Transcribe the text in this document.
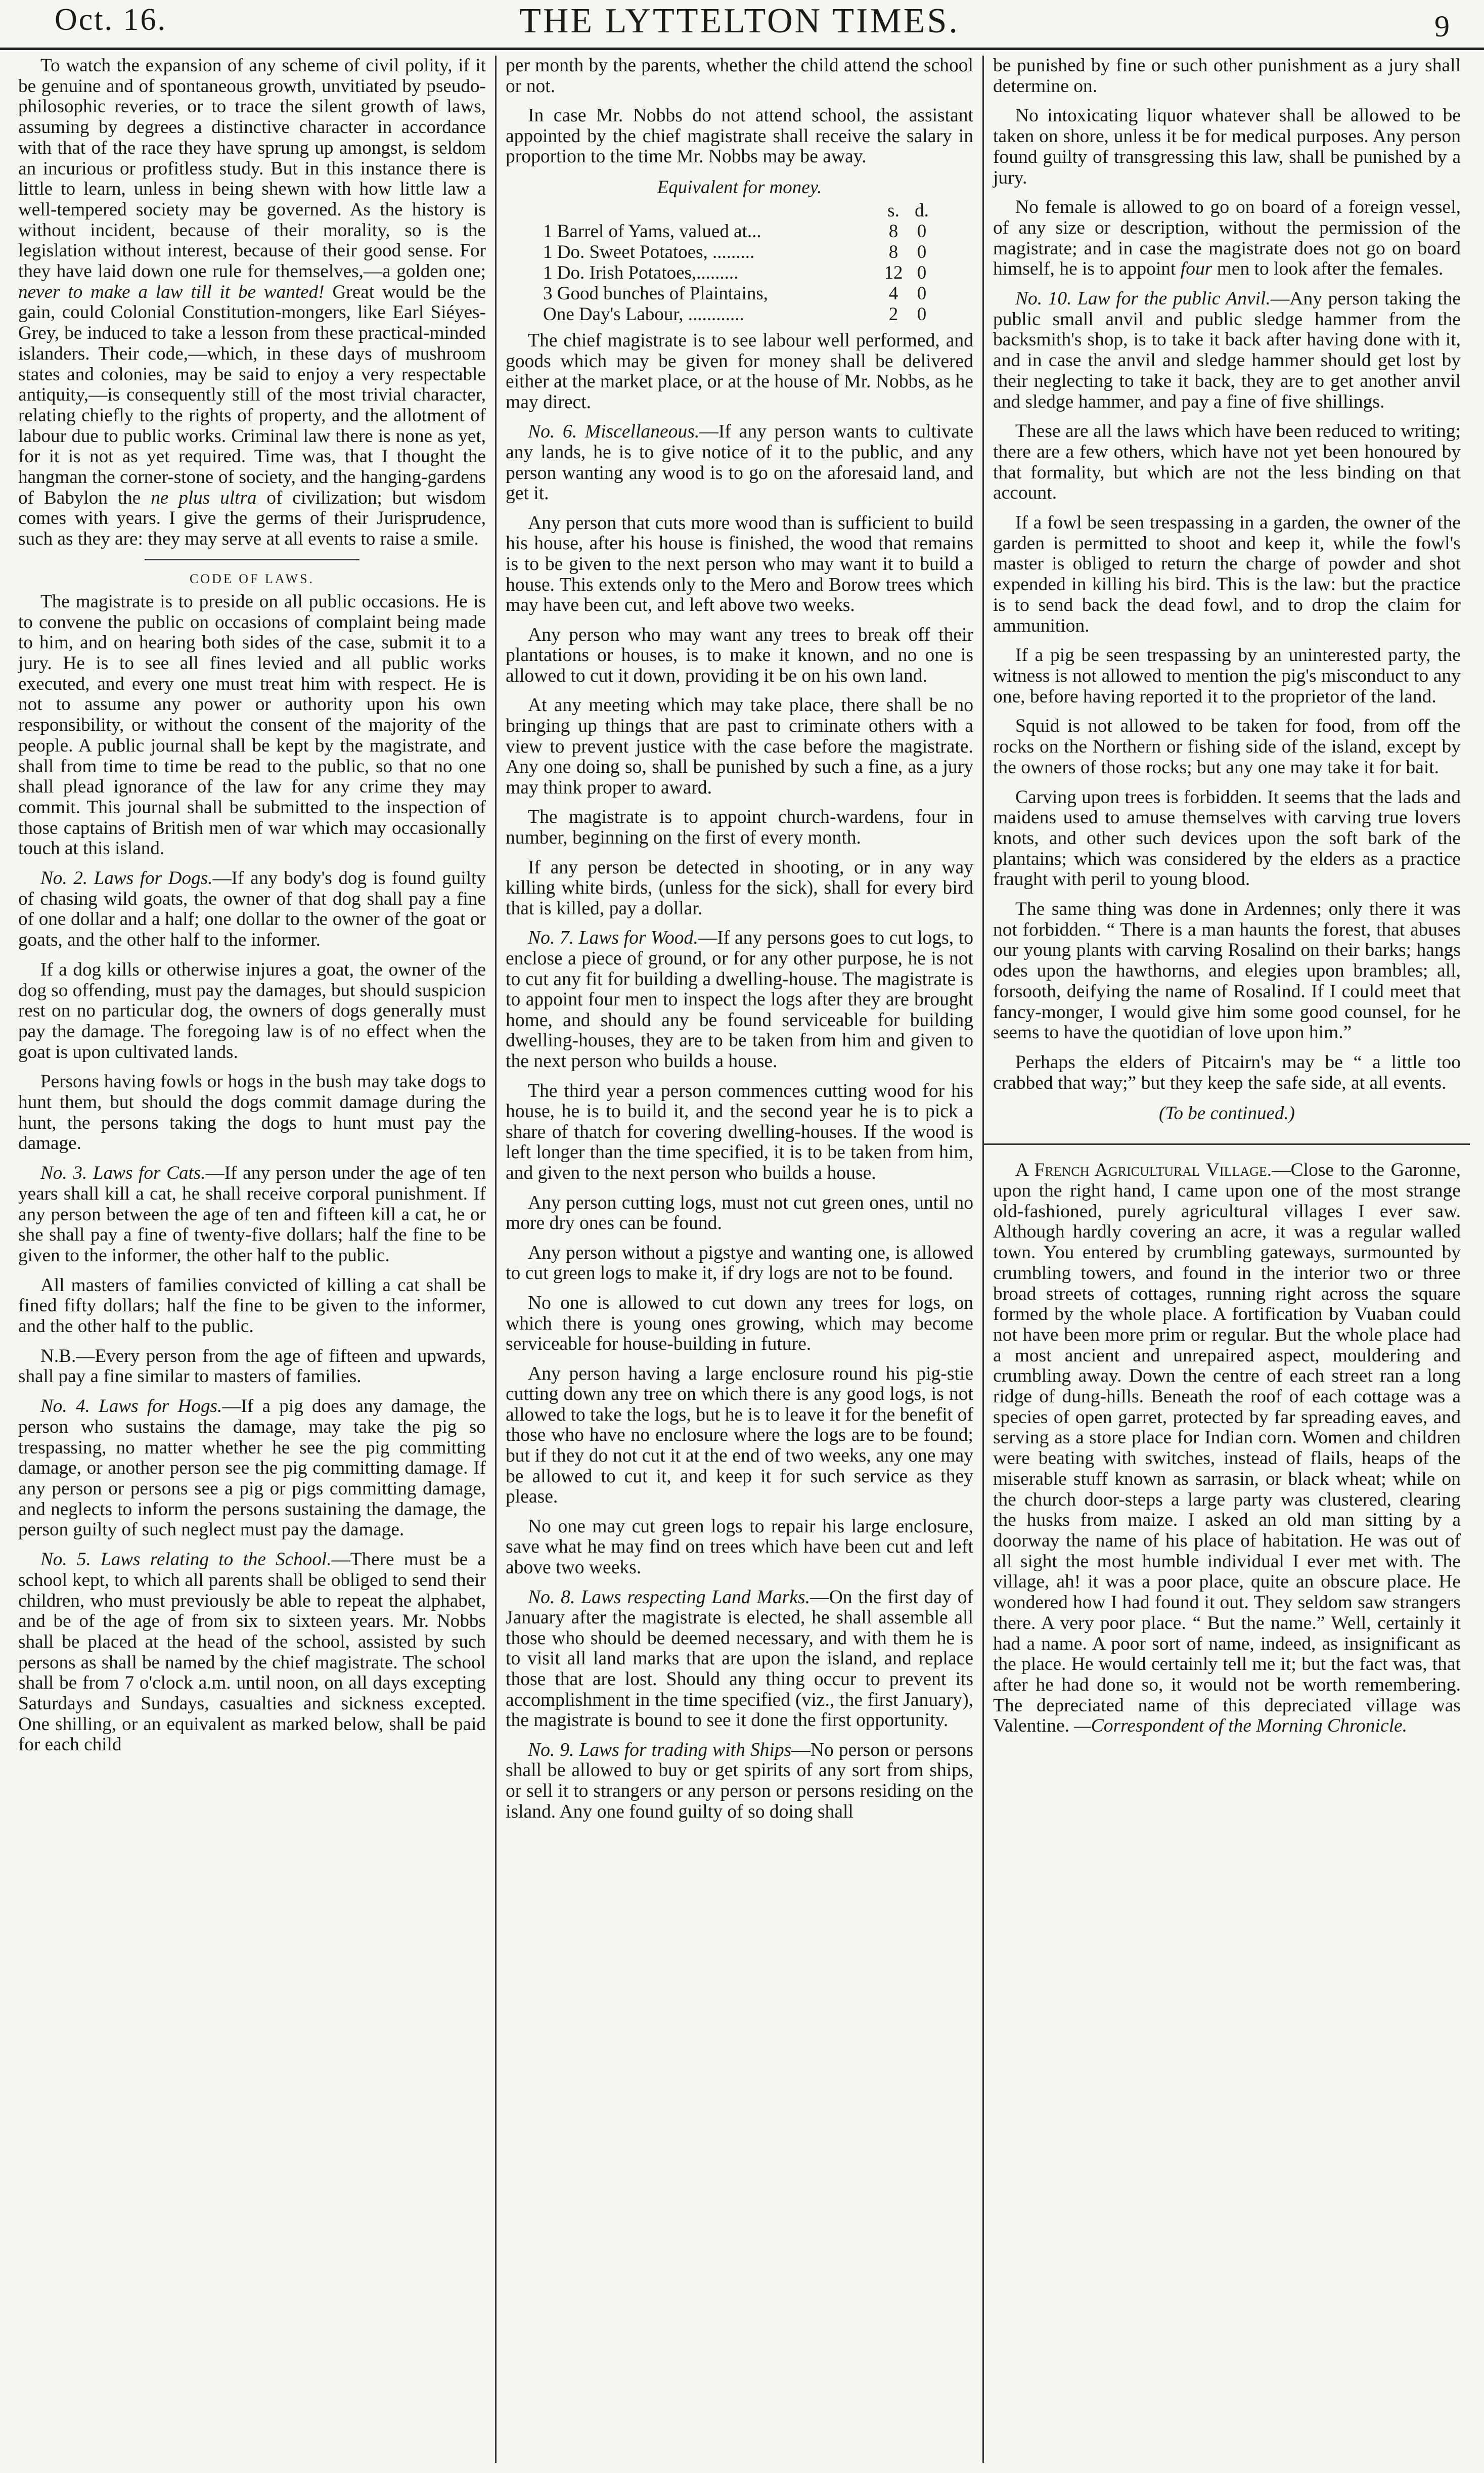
Oct. 16.	THE LYTTELTON TIMES.	9

To watch the expansion of any scheme of civil polity, if it be genuine and of spontaneous growth, unvitiated by pseudo-philosophic reveries, or to trace the silent growth of laws, assuming by degrees a distinctive character in accordance with that of the race they have sprung up amongst, is seldom an incurious or profitless study. But in this instance there is little to learn, unless in being shewn with how little law a well-tempered society may be governed. As the history is without incident, because of their morality, so is the legislation without interest, because of their good sense. For they have laid down one rule for themselves,—a golden one; never to make a law till it be wanted! Great would be the gain, could Colonial Constitution-mongers, like Earl Siéyes-Grey, be induced to take a lesson from these practical-minded islanders. Their code,—which, in these days of mushroom states and colonies, may be said to enjoy a very respectable antiquity,—is consequently still of the most trivial character, relating chiefly to the rights of property, and the allotment of labour due to public works. Criminal law there is none as yet, for it is not as yet required. Time was, that I thought the hangman the corner-stone of society, and the hanging-gardens of Babylon the ne plus ultra of civilization; but wisdom comes with years. I give the germs of their Jurisprudence, such as they are: they may serve at all events to raise a smile.

CODE OF LAWS.

The magistrate is to preside on all public occasions. He is to convene the public on occasions of complaint being made to him, and on hearing both sides of the case, submit it to a jury. He is to see all fines levied and all public works executed, and every one must treat him with respect. He is not to assume any power or authority upon his own responsibility, or without the consent of the majority of the people. A public journal shall be kept by the magistrate, and shall from time to time be read to the public, so that no one shall plead ignorance of the law for any crime they may commit. This journal shall be submitted to the inspection of those captains of British men of war which may occasionally touch at this island.

No. 2. Laws for Dogs.—If any body's dog is found guilty of chasing wild goats, the owner of that dog shall pay a fine of one dollar and a half; one dollar to the owner of the goat or goats, and the other half to the informer.

If a dog kills or otherwise injures a goat, the owner of the dog so offending, must pay the damages, but should suspicion rest on no particular dog, the owners of dogs generally must pay the damage. The foregoing law is of no effect when the goat is upon cultivated lands.

Persons having fowls or hogs in the bush may take dogs to hunt them, but should the dogs commit damage during the hunt, the persons taking the dogs to hunt must pay the damage.

No. 3. Laws for Cats.—If any person under the age of ten years shall kill a cat, he shall receive corporal punishment. If any person between the age of ten and fifteen kill a cat, he or she shall pay a fine of twenty-five dollars; half the fine to be given to the informer, the other half to the public.

All masters of families convicted of killing a cat shall be fined fifty dollars; half the fine to be given to the informer, and the other half to the public.

N.B.—Every person from the age of fifteen and upwards, shall pay a fine similar to masters of families.

No. 4. Laws for Hogs.—If a pig does any damage, the person who sustains the damage, may take the pig so trespassing, no matter whether he see the pig committing damage, or another person see the pig committing damage. If any person or persons see a pig or pigs committing damage, and neglects to inform the persons sustaining the damage, the person guilty of such neglect must pay the damage.

No. 5. Laws relating to the School.—There must be a school kept, to which all parents shall be obliged to send their children, who must previously be able to repeat the alphabet, and be of the age of from six to sixteen years. Mr. Nobbs shall be placed at the head of the school, assisted by such persons as shall be named by the chief magistrate. The school shall be from 7 o'clock a.m. until noon, on all days excepting Saturdays and Sundays, casualties and sickness excepted. One shilling, or an equivalent as marked below, shall be paid for each child

per month by the parents, whether the child attend the school or not.

In case Mr. Nobbs do not attend school, the assistant appointed by the chief magistrate shall receive the salary in proportion to the time Mr. Nobbs may be away.

Equivalent for money.
	s.	d.
1 Barrel of Yams, valued at...	8	0
1 Do. Sweet Potatoes, .........	8	0
1 Do. Irish Potatoes,.........	12	0
3 Good bunches of Plaintains,	4	0
One Day's Labour, ............	2	0

The chief magistrate is to see labour well performed, and goods which may be given for money shall be delivered either at the market place, or at the house of Mr. Nobbs, as he may direct.

No. 6. Miscellaneous.—If any person wants to cultivate any lands, he is to give notice of it to the public, and any person wanting any wood is to go on the aforesaid land, and get it.

Any person that cuts more wood than is sufficient to build his house, after his house is finished, the wood that remains is to be given to the next person who may want it to build a house. This extends only to the Mero and Borow trees which may have been cut, and left above two weeks.

Any person who may want any trees to break off their plantations or houses, is to make it known, and no one is allowed to cut it down, providing it be on his own land.

At any meeting which may take place, there shall be no bringing up things that are past to criminate others with a view to prevent justice with the case before the magistrate. Any one doing so, shall be punished by such a fine, as a jury may think proper to award.

The magistrate is to appoint church-wardens, four in number, beginning on the first of every month.

If any person be detected in shooting, or in any way killing white birds, (unless for the sick), shall for every bird that is killed, pay a dollar.

No. 7. Laws for Wood.—If any persons goes to cut logs, to enclose a piece of ground, or for any other purpose, he is not to cut any fit for building a dwelling-house. The magistrate is to appoint four men to inspect the logs after they are brought home, and should any be found serviceable for building dwelling-houses, they are to be taken from him and given to the next person who builds a house.

The third year a person commences cutting wood for his house, he is to build it, and the second year he is to pick a share of thatch for covering dwelling-houses. If the wood is left longer than the time specified, it is to be taken from him, and given to the next person who builds a house.

Any person cutting logs, must not cut green ones, until no more dry ones can be found.

Any person without a pigstye and wanting one, is allowed to cut green logs to make it, if dry logs are not to be found.

No one is allowed to cut down any trees for logs, on which there is young ones growing, which may become serviceable for house-building in future.

Any person having a large enclosure round his pig-stie cutting down any tree on which there is any good logs, is not allowed to take the logs, but he is to leave it for the benefit of those who have no enclosure where the logs are to be found; but if they do not cut it at the end of two weeks, any one may be allowed to cut it, and keep it for such service as they please.

No one may cut green logs to repair his large enclosure, save what he may find on trees which have been cut and left above two weeks.

No. 8. Laws respecting Land Marks.—On the first day of January after the magistrate is elected, he shall assemble all those who should be deemed necessary, and with them he is to visit all land marks that are upon the island, and replace those that are lost. Should any thing occur to prevent its accomplishment in the time specified (viz., the first January), the magistrate is bound to see it done the first opportunity.

No. 9. Laws for trading with Ships—No person or persons shall be allowed to buy or get spirits of any sort from ships, or sell it to strangers or any person or persons residing on the island. Any one found guilty of so doing shall

be punished by fine or such other punishment as a jury shall determine on.

No intoxicating liquor whatever shall be allowed to be taken on shore, unless it be for medical purposes. Any person found guilty of transgressing this law, shall be punished by a jury.

No female is allowed to go on board of a foreign vessel, of any size or description, without the permission of the magistrate; and in case the magistrate does not go on board himself, he is to appoint four men to look after the females.

No. 10. Law for the public Anvil.—Any person taking the public small anvil and public sledge hammer from the backsmith's shop, is to take it back after having done with it, and in case the anvil and sledge hammer should get lost by their neglecting to take it back, they are to get another anvil and sledge hammer, and pay a fine of five shillings.

These are all the laws which have been reduced to writing; there are a few others, which have not yet been honoured by that formality, but which are not the less binding on that account.

If a fowl be seen trespassing in a garden, the owner of the garden is permitted to shoot and keep it, while the fowl's master is obliged to return the charge of powder and shot expended in killing his bird. This is the law: but the practice is to send back the dead fowl, and to drop the claim for ammunition.

If a pig be seen trespassing by an uninterested party, the witness is not allowed to mention the pig's misconduct to any one, before having reported it to the proprietor of the land.

Squid is not allowed to be taken for food, from off the rocks on the Northern or fishing side of the island, except by the owners of those rocks; but any one may take it for bait.

Carving upon trees is forbidden. It seems that the lads and maidens used to amuse themselves with carving true lovers knots, and other such devices upon the soft bark of the plantains; which was considered by the elders as a practice fraught with peril to young blood.

The same thing was done in Ardennes; only there it was not forbidden. “ There is a man haunts the forest, that abuses our young plants with carving Rosalind on their barks; hangs odes upon the hawthorns, and elegies upon brambles; all, forsooth, deifying the name of Rosalind. If I could meet that fancy-monger, I would give him some good counsel, for he seems to have the quotidian of love upon him.”

Perhaps the elders of Pitcairn's may be “ a little too crabbed that way;” but they keep the safe side, at all events.

(To be continued.)

A French Agricultural Village.—Close to the Garonne, upon the right hand, I came upon one of the most strange old-fashioned, purely agricultural villages I ever saw. Although hardly covering an acre, it was a regular walled town. You entered by crumbling gateways, surmounted by crumbling towers, and found in the interior two or three broad streets of cottages, running right across the square formed by the whole place. A fortification by Vuaban could not have been more prim or regular. But the whole place had a most ancient and unrepaired aspect, mouldering and crumbling away. Down the centre of each street ran a long ridge of dung-hills. Beneath the roof of each cottage was a species of open garret, protected by far spreading eaves, and serving as a store place for Indian corn. Women and children were beating with switches, instead of flails, heaps of the miserable stuff known as sarrasin, or black wheat; while on the church door-steps a large party was clustered, clearing the husks from maize. I asked an old man sitting by a doorway the name of his place of habitation. He was out of all sight the most humble individual I ever met with. The village, ah! it was a poor place, quite an obscure place. He wondered how I had found it out. They seldom saw strangers there. A very poor place. “ But the name.” Well, certainly it had a name. A poor sort of name, indeed, as insignificant as the place. He would certainly tell me it; but the fact was, that after he had done so, it would not be worth remembering. The depreciated name of this depreciated village was Valentine. —Correspondent of the Morning Chronicle.
